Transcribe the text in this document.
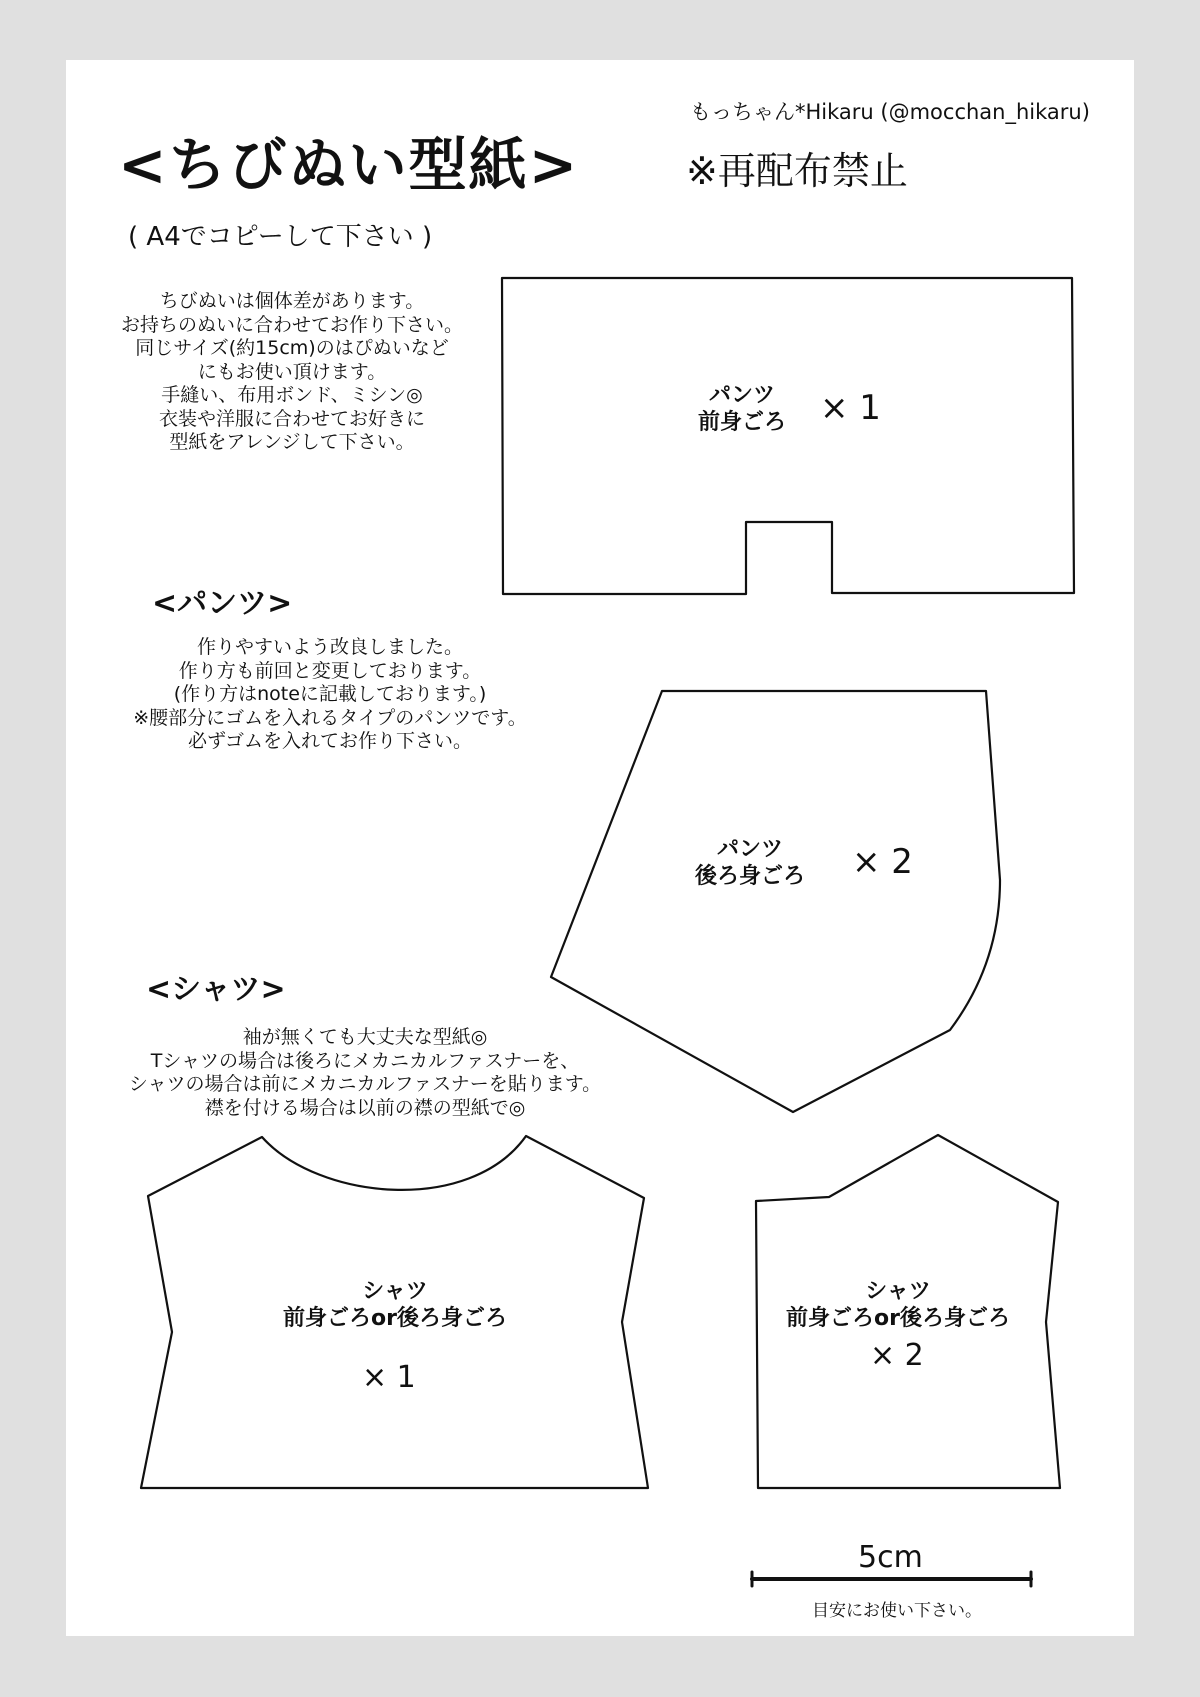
もっちゃん*Hikaru (@mocchan_hikaru)
<ちびぬい型紙>	※再配布禁止
( A4でコピーして下さい )
ちびぬいは個体差があります。
お持ちのぬいに合わせてお作り下さい。
同じサイズ(約15cm)のはぴぬいなど
にもお使い頂けます。
手縫い、布用ボンド、ミシン◎
衣装や洋服に合わせてお好きに
型紙をアレンジして下さい。
パンツ
前身ごろ	× 1
<パンツ>
作りやすいよう改良しました。
作り方も前回と変更しております。
(作り方はnoteに記載しております。)
※腰部分にゴムを入れるタイプのパンツです。
必ずゴムを入れてお作り下さい。
パンツ
後ろ身ごろ	× 2
<シャツ>
袖が無くても大丈夫な型紙◎
Tシャツの場合は後ろにメカニカルファスナーを、
シャツの場合は前にメカニカルファスナーを貼ります。
襟を付ける場合は以前の襟の型紙で◎
シャツ
前身ごろor後ろ身ごろ
× 1
シャツ
前身ごろor後ろ身ごろ
× 2
5cm
目安にお使い下さい。
